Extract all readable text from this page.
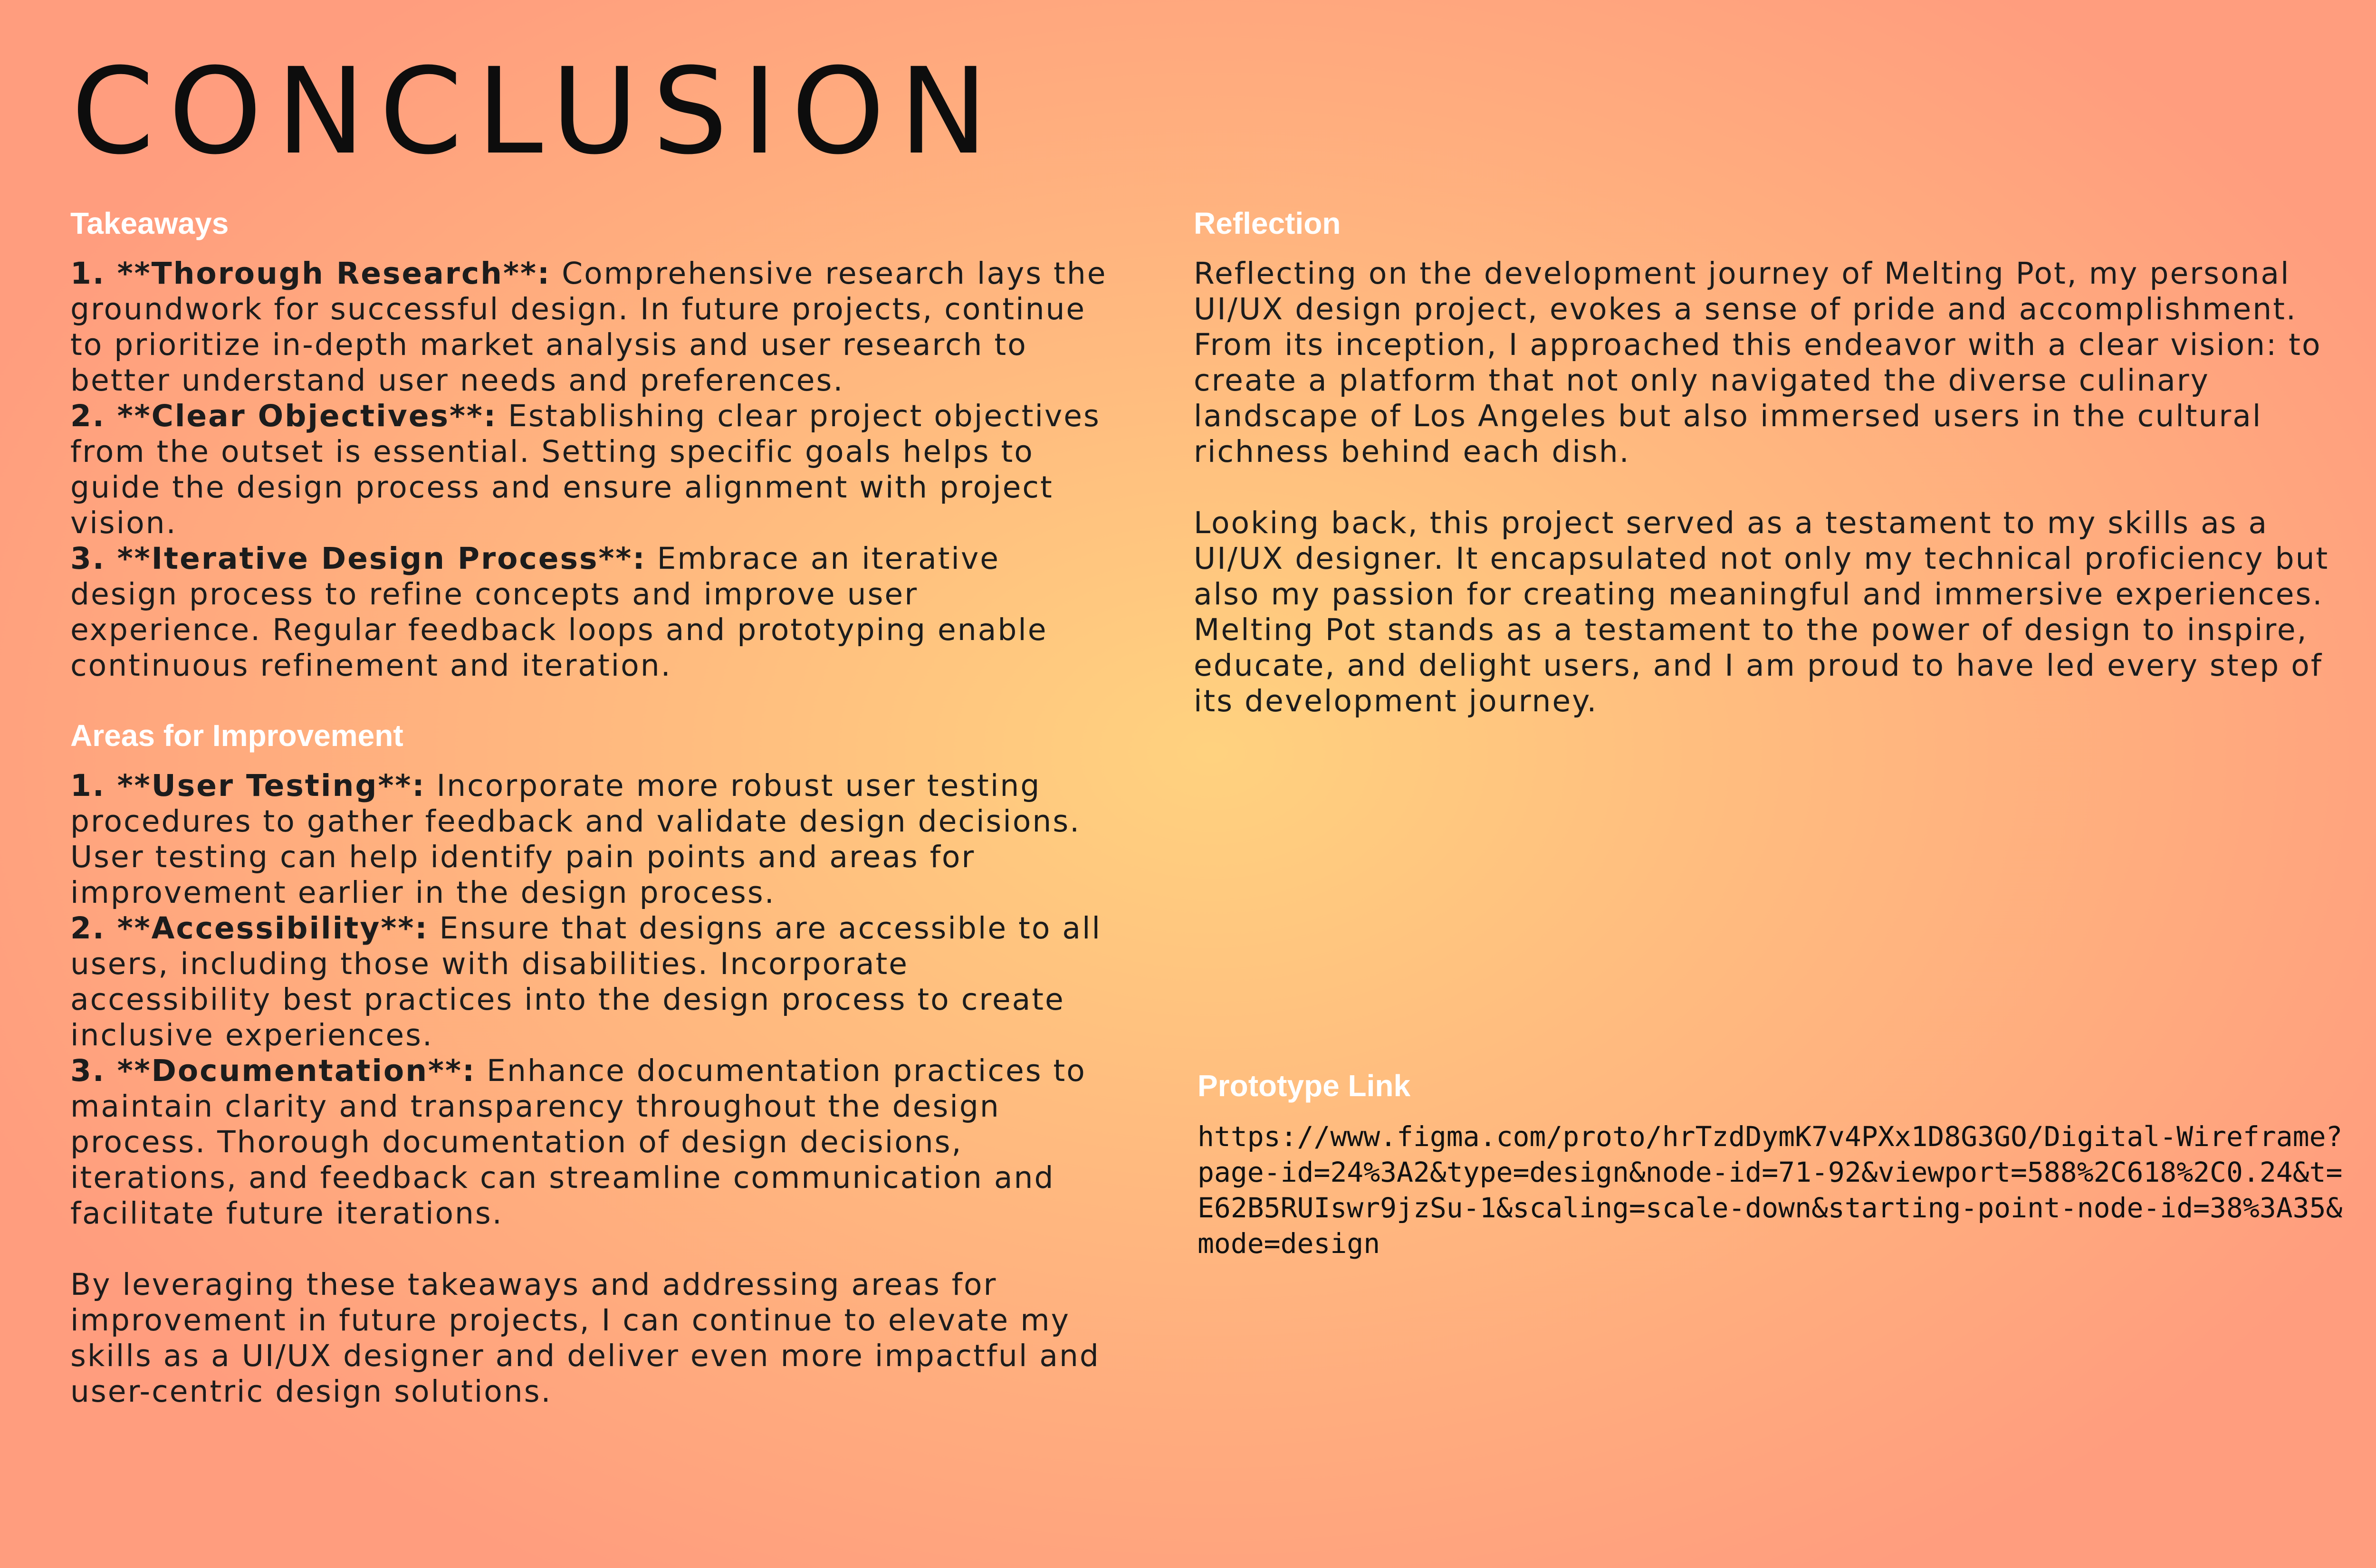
CONCLUSION
Takeaways

1. **Thorough Research**: Comprehensive research lays the groundwork for successful design. In future projects, continue to prioritize in-depth market analysis and user research to better understand user needs and preferences.

2. **Clear Objectives**: Establishing clear project objectives from the outset is essential. Setting specific goals helps to guide the design process and ensure alignment with project vision.

3. **Iterative Design Process**: Embrace an iterative design process to refine concepts and improve user experience. Regular feedback loops and prototyping enable continuous refinement and iteration.

Areas for Improvement

1. **User Testing**: Incorporate more robust user testing procedures to gather feedback and validate design decisions. User testing can help identify pain points and areas for improvement earlier in the design process.

2. **Accessibility**: Ensure that designs are accessible to all users, including those with disabilities. Incorporate accessibility best practices into the design process to create inclusive experiences.

3. **Documentation**: Enhance documentation practices to maintain clarity and transparency throughout the design process. Thorough documentation of design decisions, iterations, and feedback can streamline communication and facilitate future iterations.

By leveraging these takeaways and addressing areas for improvement in future projects, I can continue to elevate my skills as a UI/UX designer and deliver even more impactful and user-centric design solutions.

Reflection

Reflecting on the development journey of Melting Pot, my personal UI/UX design project, evokes a sense of pride and accomplishment. From its inception, I approached this endeavor with a clear vision: to create a platform that not only navigated the diverse culinary landscape of Los Angeles but also immersed users in the cultural richness behind each dish.

Looking back, this project served as a testament to my skills as a UI/UX designer. It encapsulated not only my technical proficiency but also my passion for creating meaningful and immersive experiences. Melting Pot stands as a testament to the power of design to inspire, educate, and delight users, and I am proud to have led every step of its development journey.

Prototype Link
https://www.figma.com/proto/hrTzdDymK7v4PXx1D8G3GO/Digital-Wireframe?page-id=24%3A2&type=design&node-id=71-92&viewport=588%2C618%2C0.24&t=E62B5RUIswr9jzSu-1&scaling=scale-down&starting-point-node-id=38%3A35&mode=design
